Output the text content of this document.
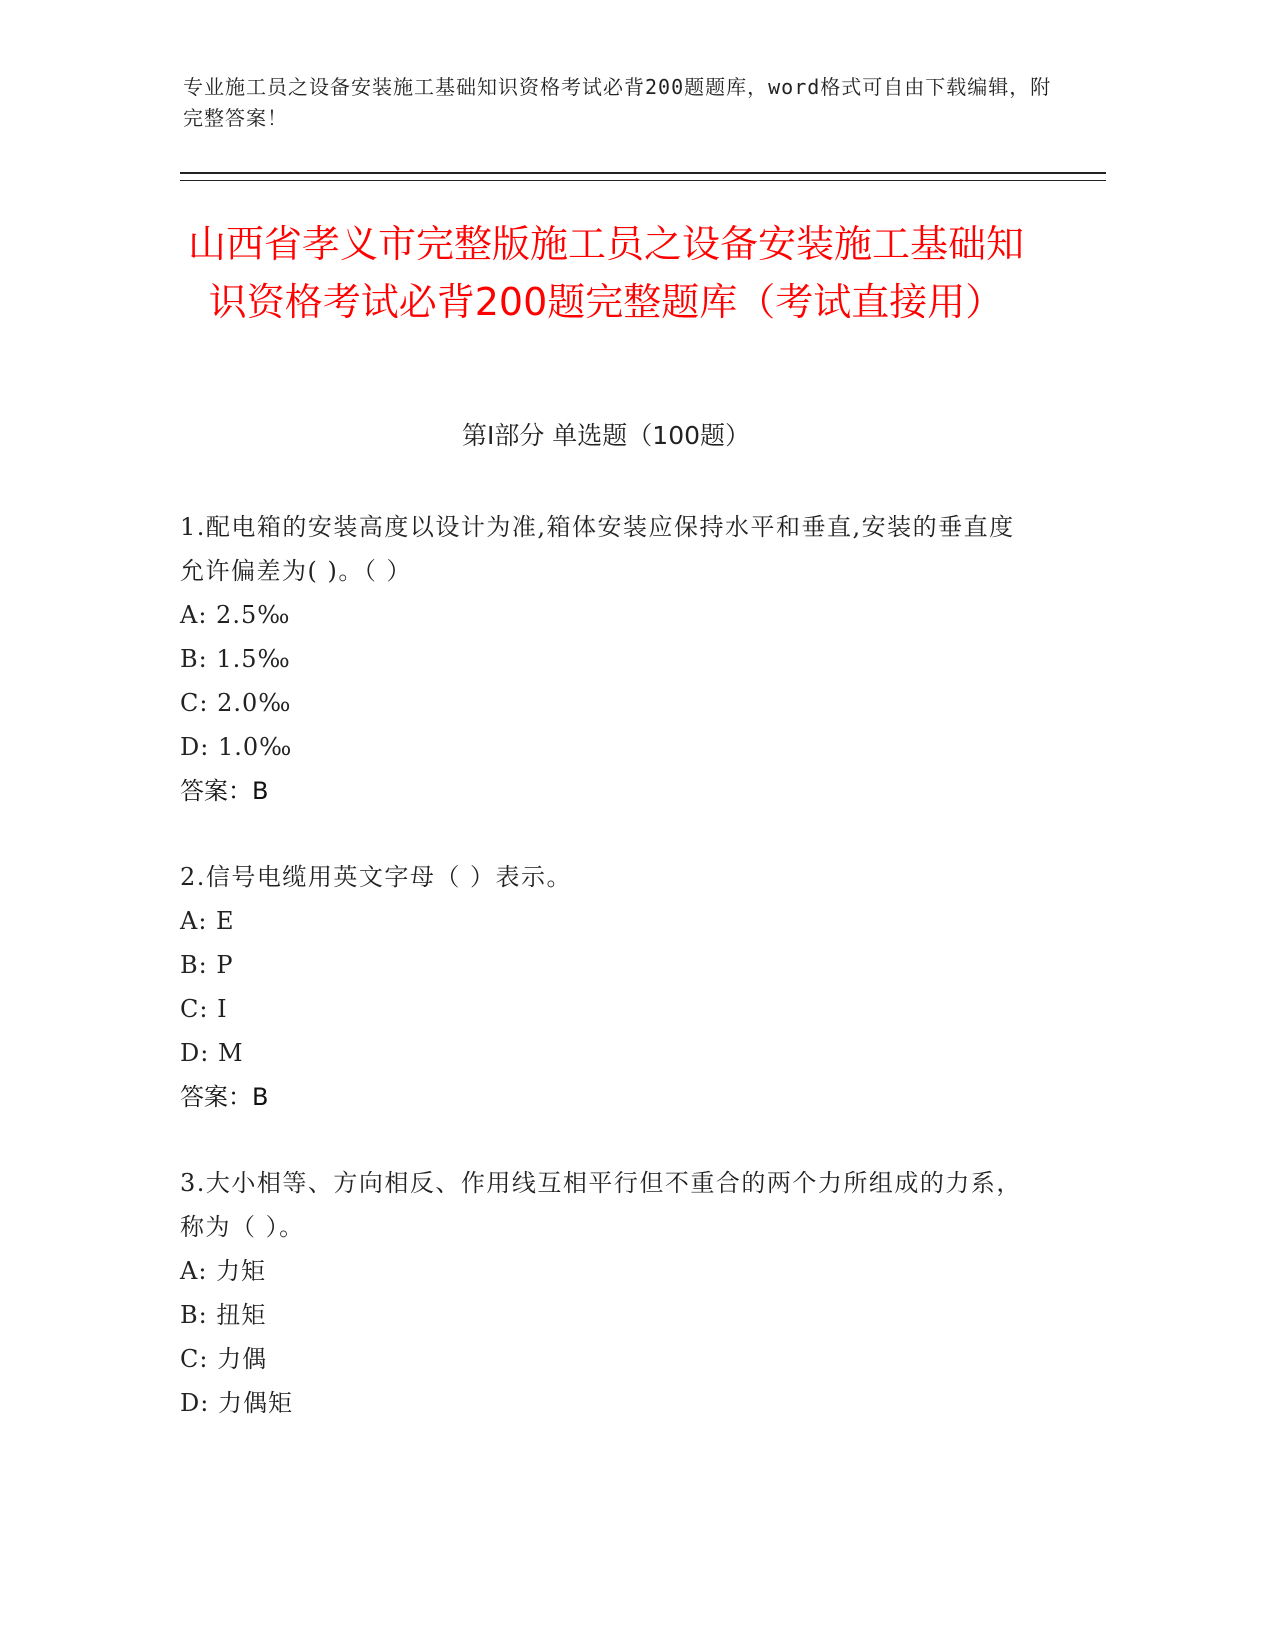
专业施工员之设备安装施工基础知识资格考试必背200题题库，word格式可自由下载编辑，附完整答案！
山西省孝义市完整版施工员之设备安装施工基础知识资格考试必背200题完整题库（考试直接用）
第Ⅰ部分 单选题（100题）

1.配电箱的安装高度以设计为准,箱体安装应保持水平和垂直,安装的垂直度允许偏差为( )。（ ）

A: 2.5‰

B: 1.5‰

C: 2.0‰

D: 1.0‰

答案：B

2.信号电缆用英文字母（ ）表示。

A: E

B: P

C: I

D: M

答案：B

3.大小相等、方向相反、作用线互相平行但不重合的两个力所组成的力系，称为（ ）。

A: 力矩

B: 扭矩

C: 力偶

D: 力偶矩
